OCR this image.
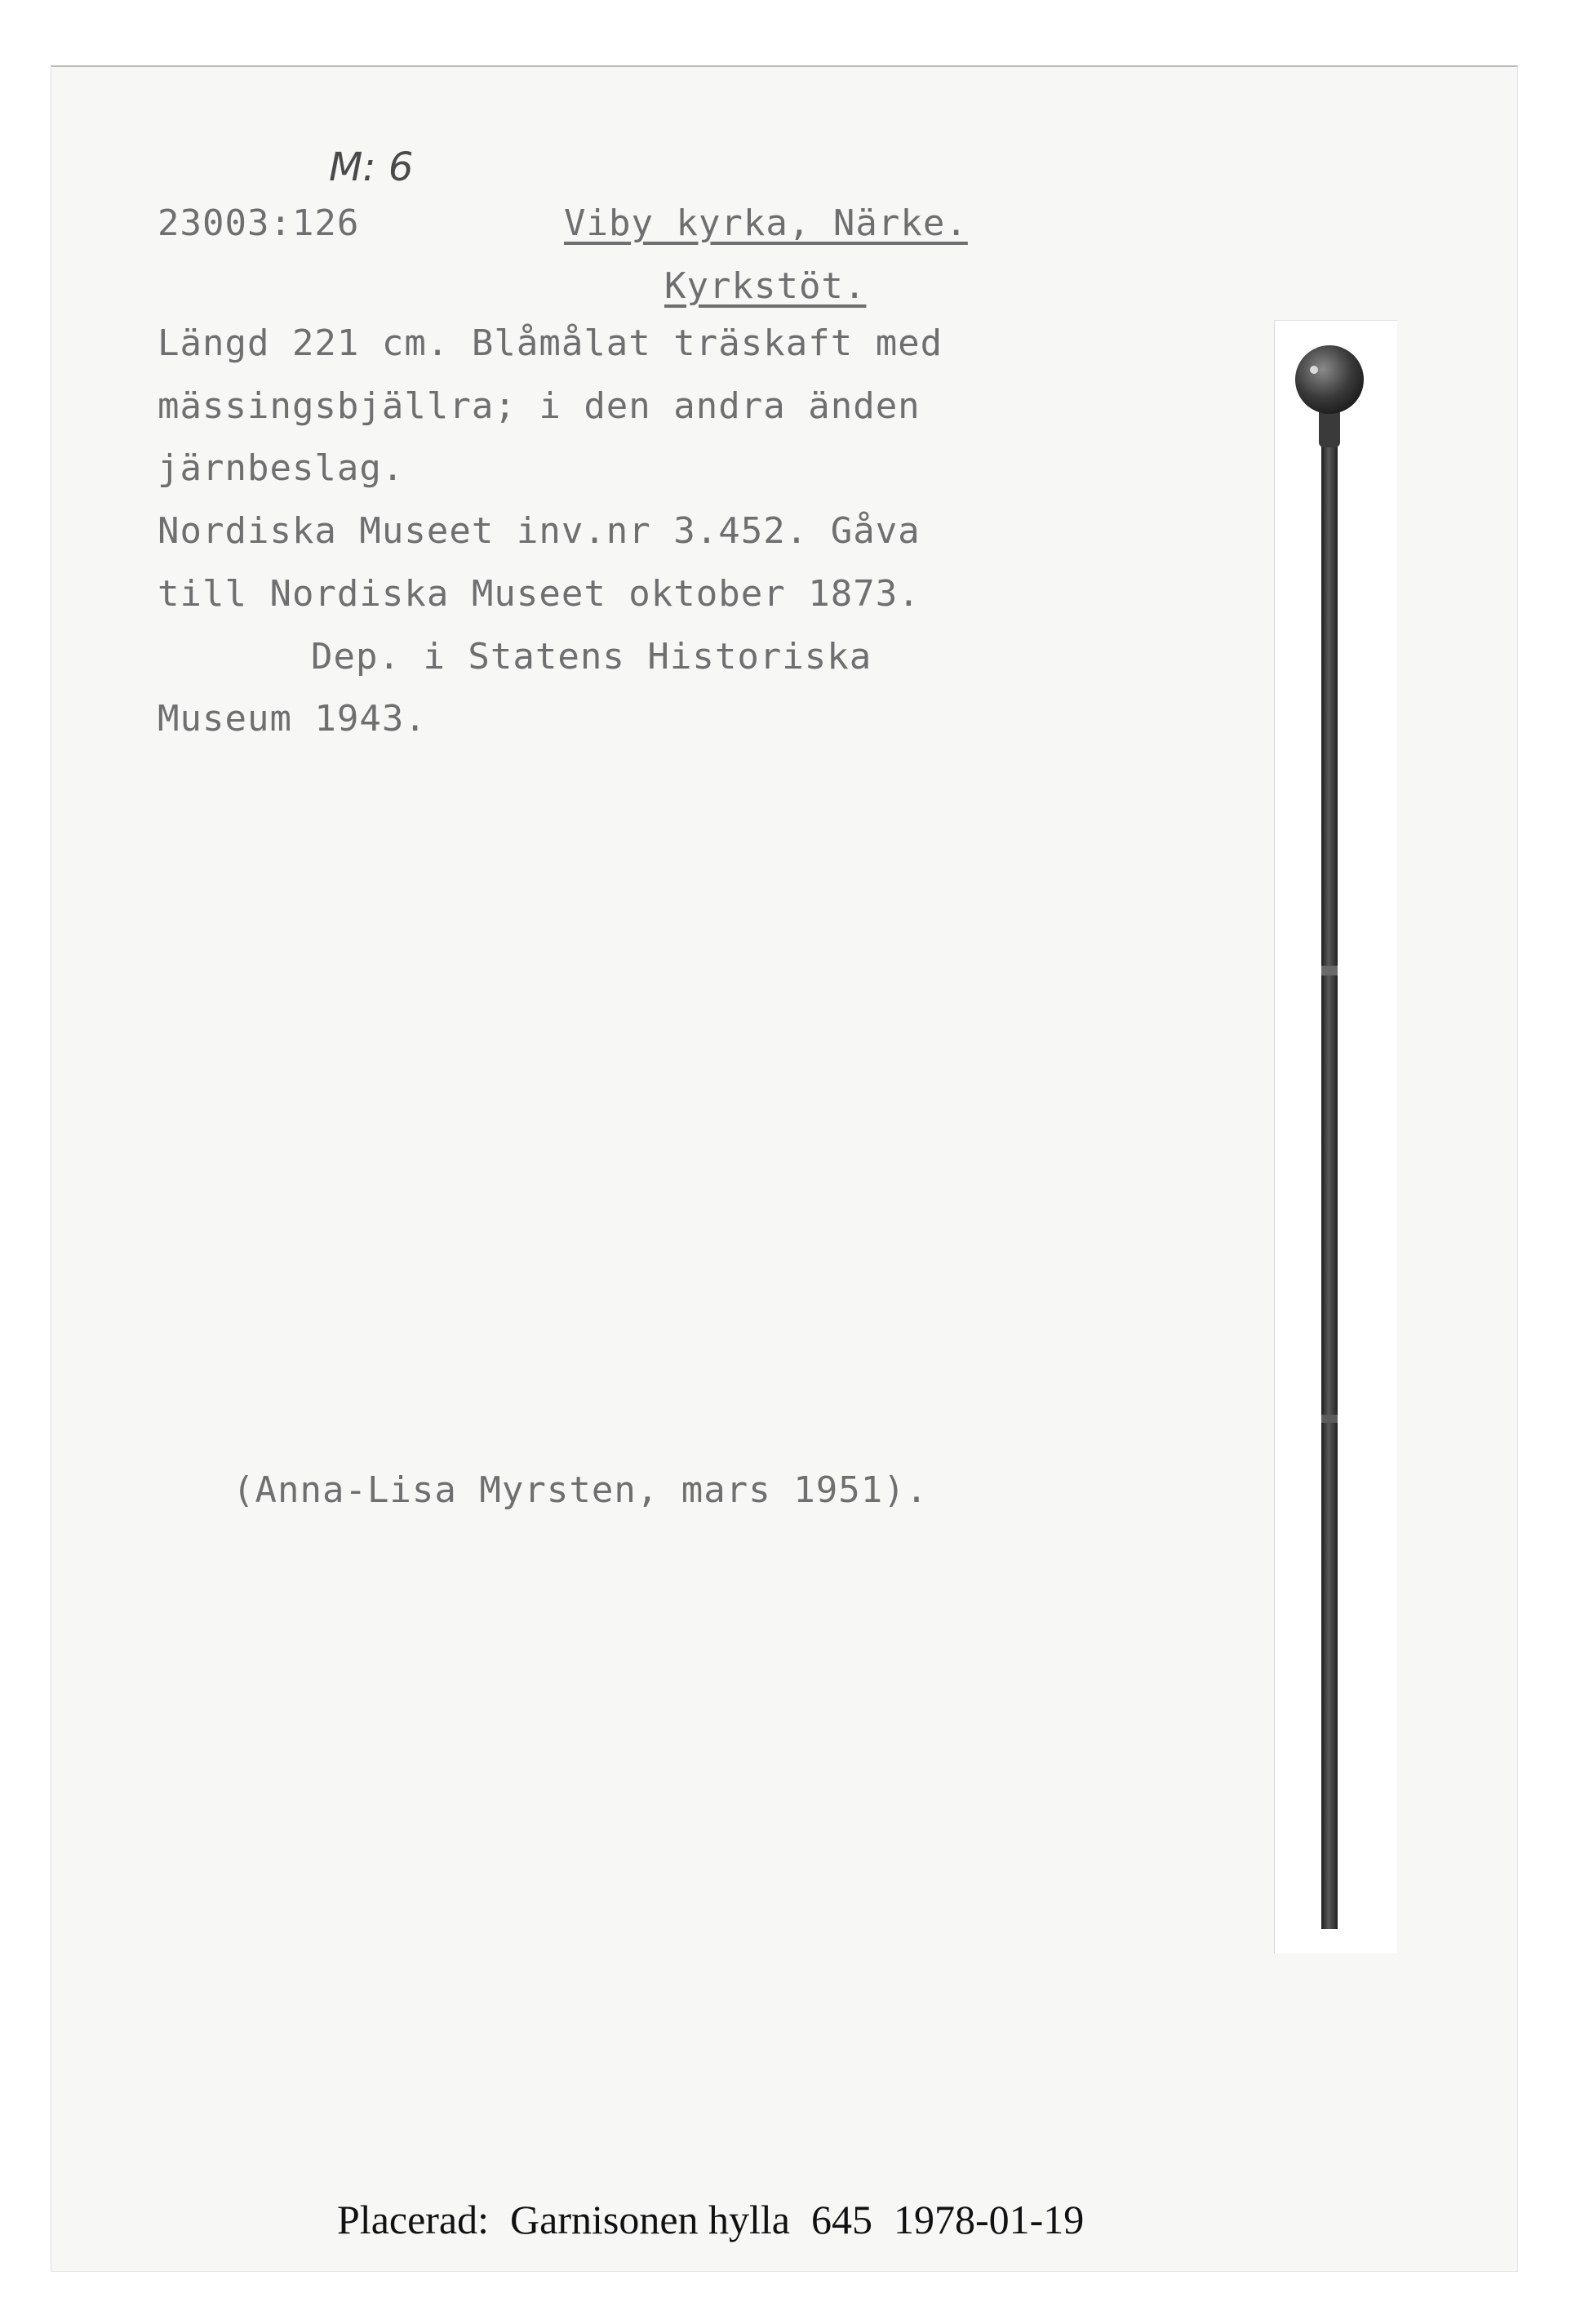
M: 6

23003:126	Viby kyrka, Närke.

Kyrkstöt.

Längd 221 cm. Blåmålat träskaft med

mässingsbjällra; i den andra änden

järnbeslag.

Nordiska Museet inv.nr 3.452. Gåva

till Nordiska Museet oktober 1873.

Dep. i Statens Historiska

Museum 1943.

(Anna-Lisa Myrsten, mars 1951).

Placerad: Garnisonen hylla 645 1978-01-19
